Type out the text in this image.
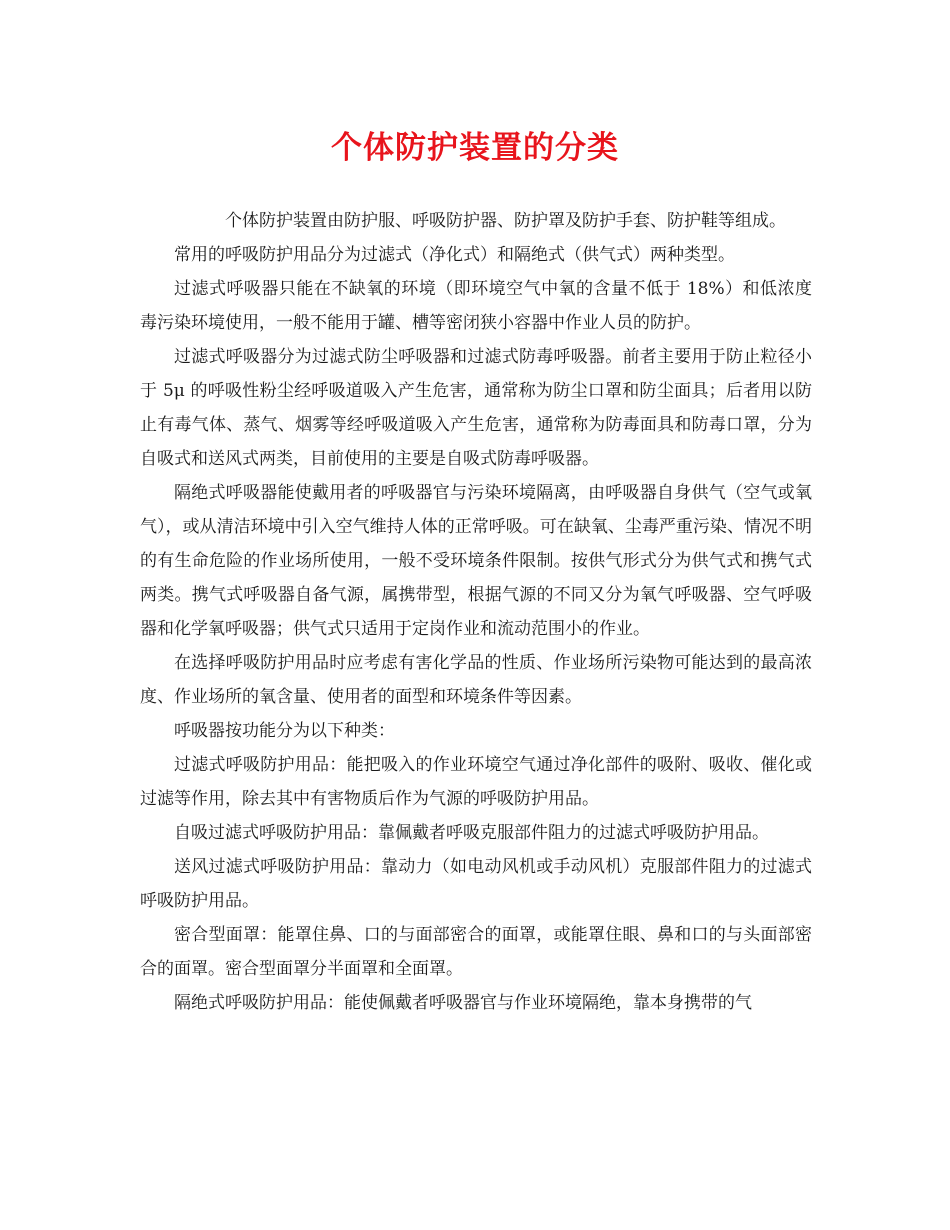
个体防护装置的分类

个体防护装置由防护服、呼吸防护器、防护罩及防护手套、防护鞋等组成。

常用的呼吸防护用品分为过滤式（净化式）和隔绝式（供气式）两种类型。

过滤式呼吸器只能在不缺氧的环境（即环境空气中氧的含量不低于 18%）和低浓度毒污染环境使用，一般不能用于罐、槽等密闭狭小容器中作业人员的防护。

过滤式呼吸器分为过滤式防尘呼吸器和过滤式防毒呼吸器。前者主要用于防止粒径小于 5μ 的呼吸性粉尘经呼吸道吸入产生危害，通常称为防尘口罩和防尘面具；后者用以防止有毒气体、蒸气、烟雾等经呼吸道吸入产生危害，通常称为防毒面具和防毒口罩，分为自吸式和送风式两类，目前使用的主要是自吸式防毒呼吸器。

隔绝式呼吸器能使戴用者的呼吸器官与污染环境隔离，由呼吸器自身供气（空气或氧气），或从清洁环境中引入空气维持人体的正常呼吸。可在缺氧、尘毒严重污染、情况不明的有生命危险的作业场所使用，一般不受环境条件限制。按供气形式分为供气式和携气式两类。携气式呼吸器自备气源，属携带型，根据气源的不同又分为氧气呼吸器、空气呼吸器和化学氧呼吸器；供气式只适用于定岗作业和流动范围小的作业。

在选择呼吸防护用品时应考虑有害化学品的性质、作业场所污染物可能达到的最高浓度、作业场所的氧含量、使用者的面型和环境条件等因素。

呼吸器按功能分为以下种类：

过滤式呼吸防护用品：能把吸入的作业环境空气通过净化部件的吸附、吸收、催化或过滤等作用，除去其中有害物质后作为气源的呼吸防护用品。

自吸过滤式呼吸防护用品：靠佩戴者呼吸克服部件阻力的过滤式呼吸防护用品。

送风过滤式呼吸防护用品：靠动力（如电动风机或手动风机）克服部件阻力的过滤式呼吸防护用品。

密合型面罩：能罩住鼻、口的与面部密合的面罩，或能罩住眼、鼻和口的与头面部密合的面罩。密合型面罩分半面罩和全面罩。

隔绝式呼吸防护用品：能使佩戴者呼吸器官与作业环境隔绝，靠本身携带的气
